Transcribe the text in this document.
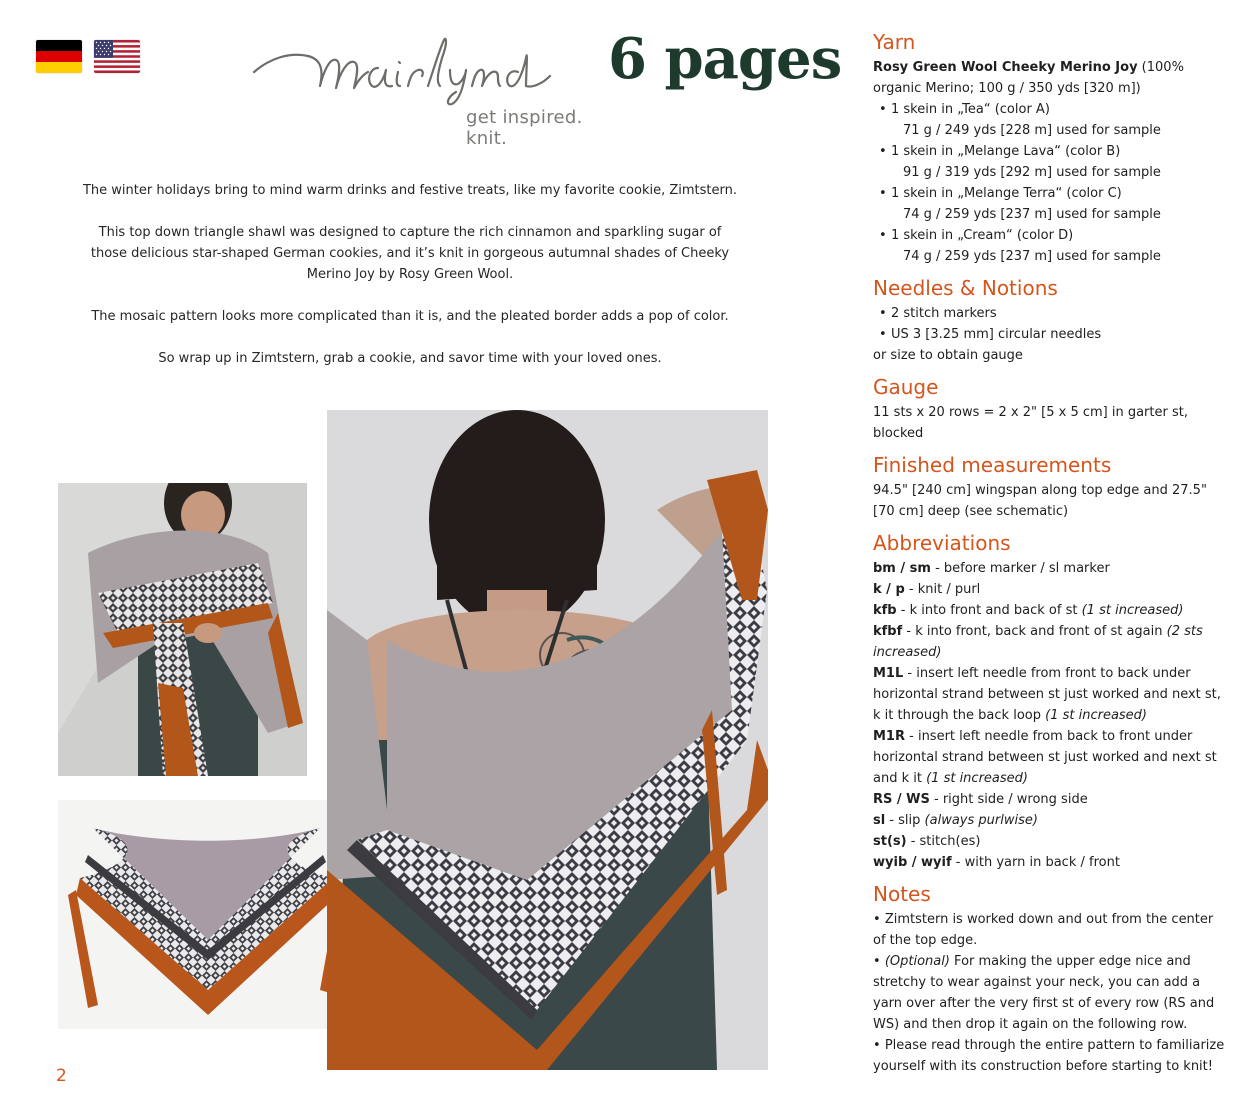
get inspired. knit.
6 pages

The winter holidays bring to mind warm drinks and festive treats, like my favorite cookie, Zimtstern.

This top down triangle shawl was designed to capture the rich cinnamon and sparkling sugar of those delicious star-shaped German cookies, and it’s knit in gorgeous autumnal shades of Cheeky Merino Joy by Rosy Green Wool.

The mosaic pattern looks more complicated than it is, and the pleated border adds a pop of color.

So wrap up in Zimtstern, grab a cookie, and savor time with your loved ones.

2
Yarn
Rosy Green Wool Cheeky Merino Joy (100% organic Merino; 100 g / 350 yds [320 m])
• 1 skein in „Tea“ (color A)
71 g / 249 yds [228 m] used for sample
• 1 skein in „Melange Lava“ (color B)
91 g / 319 yds [292 m] used for sample
• 1 skein in „Melange Terra“ (color C)
74 g / 259 yds [237 m] used for sample
• 1 skein in „Cream“ (color D)
74 g / 259 yds [237 m] used for sample
Needles & Notions
• 2 stitch markers
• US 3 [3.25 mm] circular needles
or size to obtain gauge
Gauge
11 sts x 20 rows = 2 x 2" [5 x 5 cm] in garter st, blocked
Finished measurements
94.5" [240 cm] wingspan along top edge and 27.5" [70 cm] deep (see schematic)
Abbreviations
bm / sm - before marker / sl marker
k / p - knit / purl
kfb - k into front and back of st (1 st increased)
kfbf - k into front, back and front of st again (2 sts increased)
M1L - insert left needle from front to back under horizontal strand between st just worked and next st, k it through the back loop (1 st increased)
M1R - insert left needle from back to front under horizontal strand between st just worked and next st and k it (1 st increased)
RS / WS - right side / wrong side
sl - slip (always purlwise)
st(s) - stitch(es)
wyib / wyif - with yarn in back / front
Notes
• Zimtstern is worked down and out from the center of the top edge.
• (Optional) For making the upper edge nice and stretchy to wear against your neck, you can add a yarn over after the very first st of every row (RS and WS) and then drop it again on the following row.
• Please read through the entire pattern to familiarize yourself with its construction before starting to knit!
